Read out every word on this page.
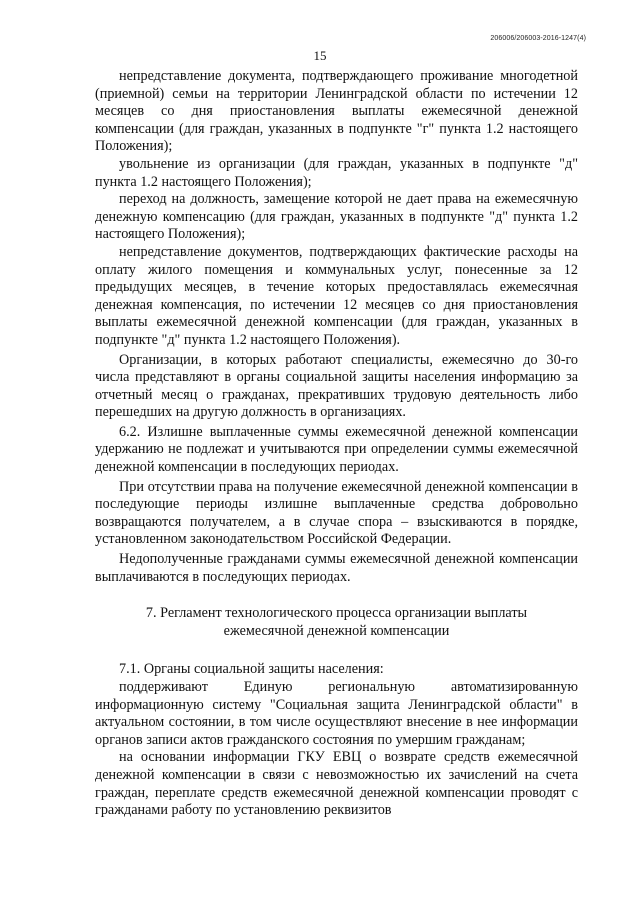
206006/206003-2016-1247(4)
15

непредставление документа, подтверждающего проживание многодетной (приемной) семьи на территории Ленинградской области по истечении 12 месяцев со дня приостановления выплаты ежемесячной денежной компенсации (для граждан, указанных в подпункте "г" пункта 1.2 настоящего Положения);

увольнение из организации (для граждан, указанных в подпункте "д" пункта 1.2 настоящего Положения);

переход на должность, замещение которой не дает права на ежемесячную денежную компенсацию (для граждан, указанных в подпункте "д" пункта 1.2 настоящего Положения);

непредставление документов, подтверждающих фактические расходы на оплату жилого помещения и коммунальных услуг, понесенные за 12 предыдущих месяцев, в течение которых предоставлялась ежемесячная денежная компенсация, по истечении 12 месяцев со дня приостановления выплаты ежемесячной денежной компенсации (для граждан, указанных в подпункте "д" пункта 1.2 настоящего Положения).

Организации, в которых работают специалисты, ежемесячно до 30-го числа представляют в органы социальной защиты населения информацию за отчетный месяц о гражданах, прекративших трудовую деятельность либо перешедших на другую должность в организациях.

6.2. Излишне выплаченные суммы ежемесячной денежной компенсации удержанию не подлежат и учитываются при определении суммы ежемесячной денежной компенсации в последующих периодах.

При отсутствии права на получение ежемесячной денежной компенсации в последующие периоды излишне выплаченные средства добровольно возвращаются получателем, а в случае спора – взыскиваются в порядке, установленном законодательством Российской Федерации.

Недополученные гражданами суммы ежемесячной денежной компенсации выплачиваются в последующих периодах.

7. Регламент технологического процесса организации выплаты
ежемесячной денежной компенсации

7.1. Органы социальной защиты населения:

поддерживают Единую региональную автоматизированную информационную систему "Социальная защита Ленинградской области" в актуальном состоянии, в том числе осуществляют внесение в нее информации органов записи актов гражданского состояния по умершим гражданам;

на основании информации ГКУ ЕВЦ о возврате средств ежемесячной денежной компенсации в связи с невозможностью их зачислений на счета граждан, переплате средств ежемесячной денежной компенсации проводят с гражданами работу по установлению реквизитов
